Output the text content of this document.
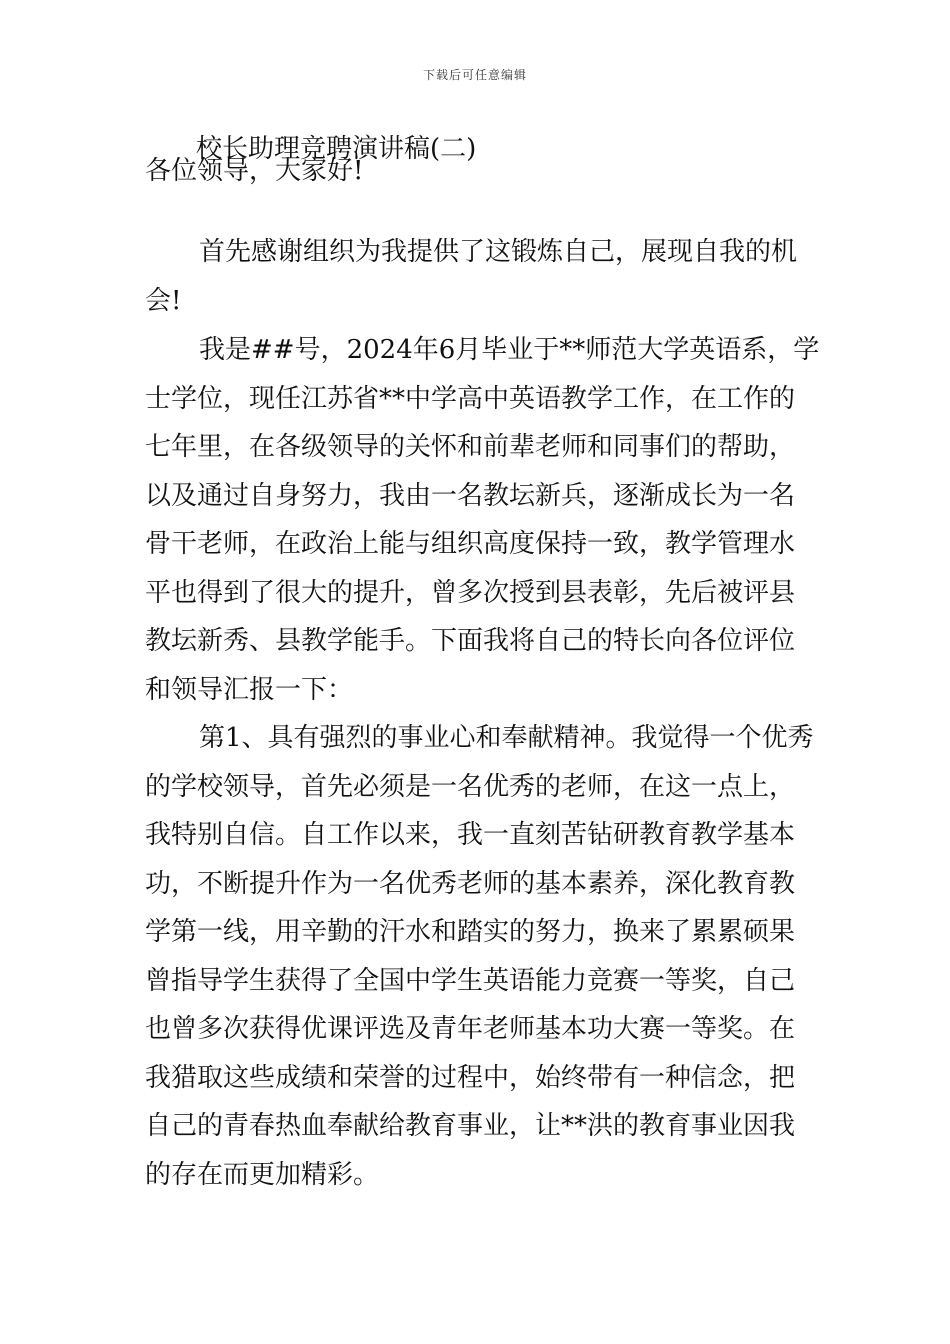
下载后可任意编辑
校长助理竞聘演讲稿(二)
各位领导，大家好!
首先感谢组织为我提供了这锻炼自己，展现自我的机
会!
我是##号，2024年6月毕业于**师范大学英语系，学
士学位，现任江苏省**中学高中英语教学工作，在工作的
七年里，在各级领导的关怀和前辈老师和同事们的帮助，
以及通过自身努力，我由一名教坛新兵，逐渐成长为一名
骨干老师，在政治上能与组织高度保持一致，教学管理水
平也得到了很大的提升，曾多次授到县表彰，先后被评县
教坛新秀、县教学能手。下面我将自己的特长向各位评位
和领导汇报一下：
第1、具有强烈的事业心和奉献精神。我觉得一个优秀
的学校领导，首先必须是一名优秀的老师，在这一点上，
我特别自信。自工作以来，我一直刻苦钻研教育教学基本
功，不断提升作为一名优秀老师的基本素养，深化教育教
学第一线，用辛勤的汗水和踏实的努力，换来了累累硕果
曾指导学生获得了全国中学生英语能力竞赛一等奖，自己
也曾多次获得优课评选及青年老师基本功大赛一等奖。在
我猎取这些成绩和荣誉的过程中，始终带有一种信念，把
自己的青春热血奉献给教育事业，让**洪的教育事业因我
的存在而更加精彩。
